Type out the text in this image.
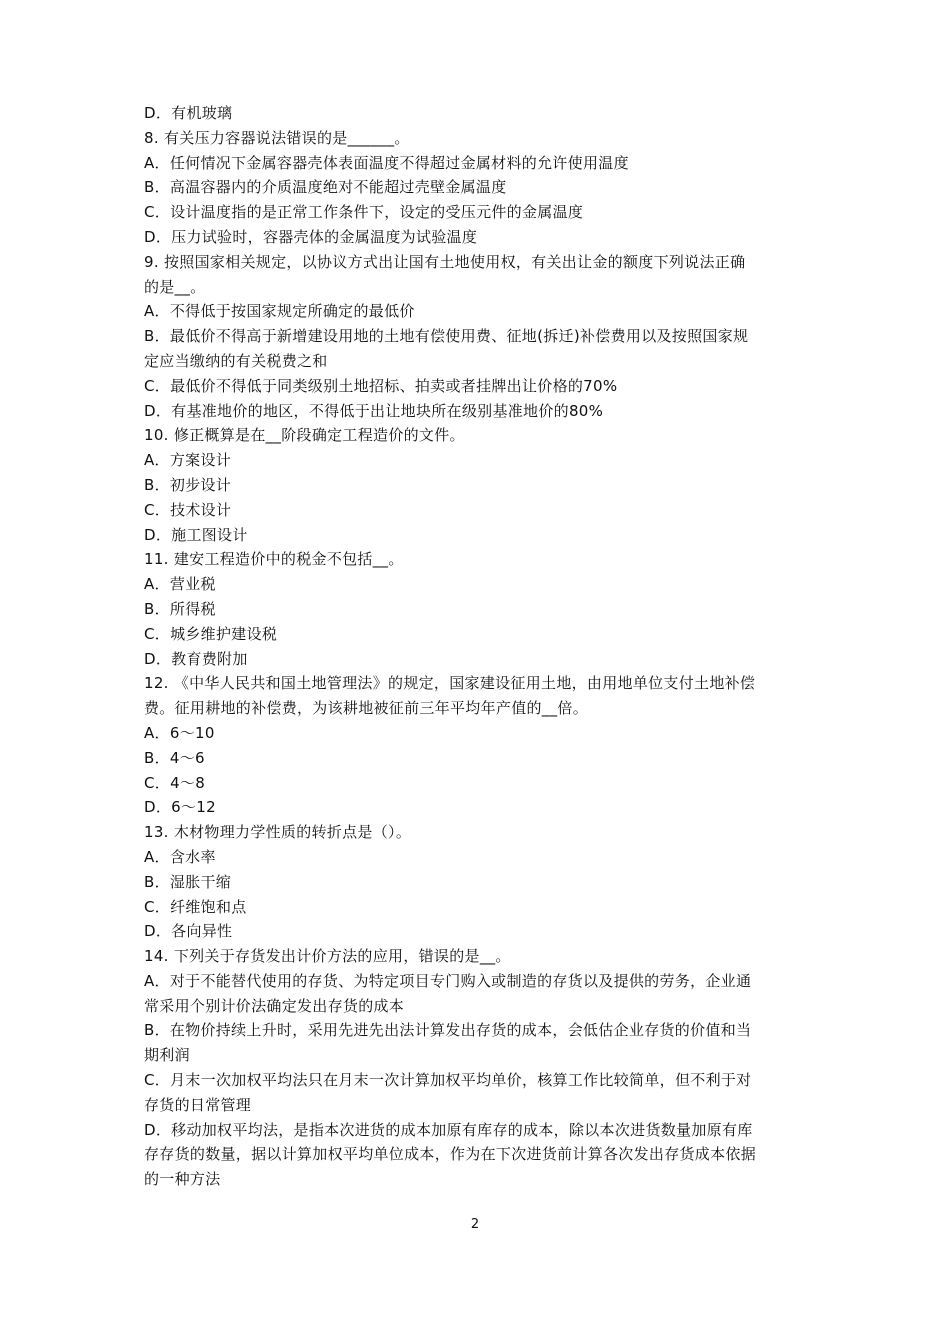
D．有机玻璃
8. 有关压力容器说法错误的是______。
A．任何情况下金属容器壳体表面温度不得超过金属材料的允许使用温度
B．高温容器内的介质温度绝对不能超过壳壁金属温度
C．设计温度指的是正常工作条件下，设定的受压元件的金属温度
D．压力试验时，容器壳体的金属温度为试验温度
9. 按照国家相关规定，以协议方式出让国有土地使用权，有关出让金的额度下列说法正确
的是__。
A．不得低于按国家规定所确定的最低价
B．最低价不得高于新增建设用地的土地有偿使用费、征地(拆迁)补偿费用以及按照国家规
定应当缴纳的有关税费之和
C．最低价不得低于同类级别土地招标、拍卖或者挂牌出让价格的70%
D．有基准地价的地区，不得低于出让地块所在级别基准地价的80%
10. 修正概算是在__阶段确定工程造价的文件。
A．方案设计
B．初步设计
C．技术设计
D．施工图设计
11. 建安工程造价中的税金不包括__。
A．营业税
B．所得税
C．城乡维护建设税
D．教育费附加
12. 《中华人民共和国土地管理法》的规定，国家建设征用土地，由用地单位支付土地补偿
费。征用耕地的补偿费，为该耕地被征前三年平均年产值的__倍。
A．6～10
B．4～6
C．4～8
D．6～12
13. 木材物理力学性质的转折点是（）。
A．含水率
B．湿胀干缩
C．纤维饱和点
D．各向异性
14. 下列关于存货发出计价方法的应用，错误的是__。
A．对于不能替代使用的存货、为特定项目专门购入或制造的存货以及提供的劳务，企业通
常采用个别计价法确定发出存货的成本
B．在物价持续上升时，采用先进先出法计算发出存货的成本，会低估企业存货的价值和当
期利润
C．月末一次加权平均法只在月末一次计算加权平均单价，核算工作比较简单，但不利于对
存货的日常管理
D．移动加权平均法，是指本次进货的成本加原有库存的成本，除以本次进货数量加原有库
存存货的数量，据以计算加权平均单位成本，作为在下次进货前计算各次发出存货成本依据
的一种方法
2
